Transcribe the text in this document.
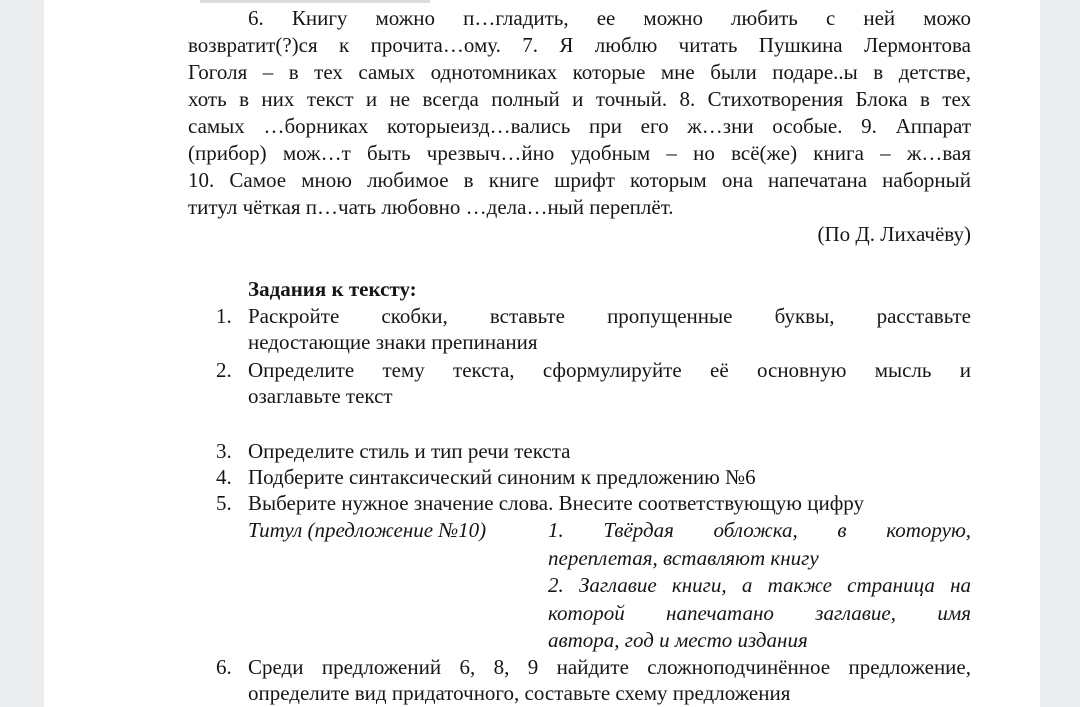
6. Книгу можно п…гладить, ее можно любить с ней можо
возвратит(?)ся к прочита…ому. 7. Я люблю читать Пушкина Лермонтова
Гоголя – в тех самых однотомниках которые мне были подаре..ы в детстве,
хоть в них текст и не всегда полный и точный. 8. Стихотворения Блока в тех
самых …борниках которыеизд…вались при его ж…зни особые. 9. Аппарат
(прибор) мож…т быть чрезвыч…йно удобным – но всё(же) книга – ж…вая
10. Самое мною любимое в книге шрифт которым она напечатана наборный
титул чёткая п…чать любовно …дела…ный переплёт.
(По Д. Лихачёву)
Задания к тексту:
1. Раскройте скобки, вставьте пропущенные буквы, расставьте
недостающие знаки препинания
2. Определите тему текста, сформулируйте её основную мысль и
озаглавьте текст
3. Определите стиль и тип речи текста
4. Подберите синтаксический синоним к предложению №6
5. Выберите нужное значение слова. Внесите соответствующую цифру
Титул (предложение №10)	1. Твёрдая обложка, в которую,
переплетая, вставляют книгу
2. Заглавие книги, а также страница на
которой напечатано заглавие, имя
автора, год и место издания
6. Среди предложений 6, 8, 9 найдите сложноподчинённое предложение,
определите вид придаточного, составьте схему предложения
